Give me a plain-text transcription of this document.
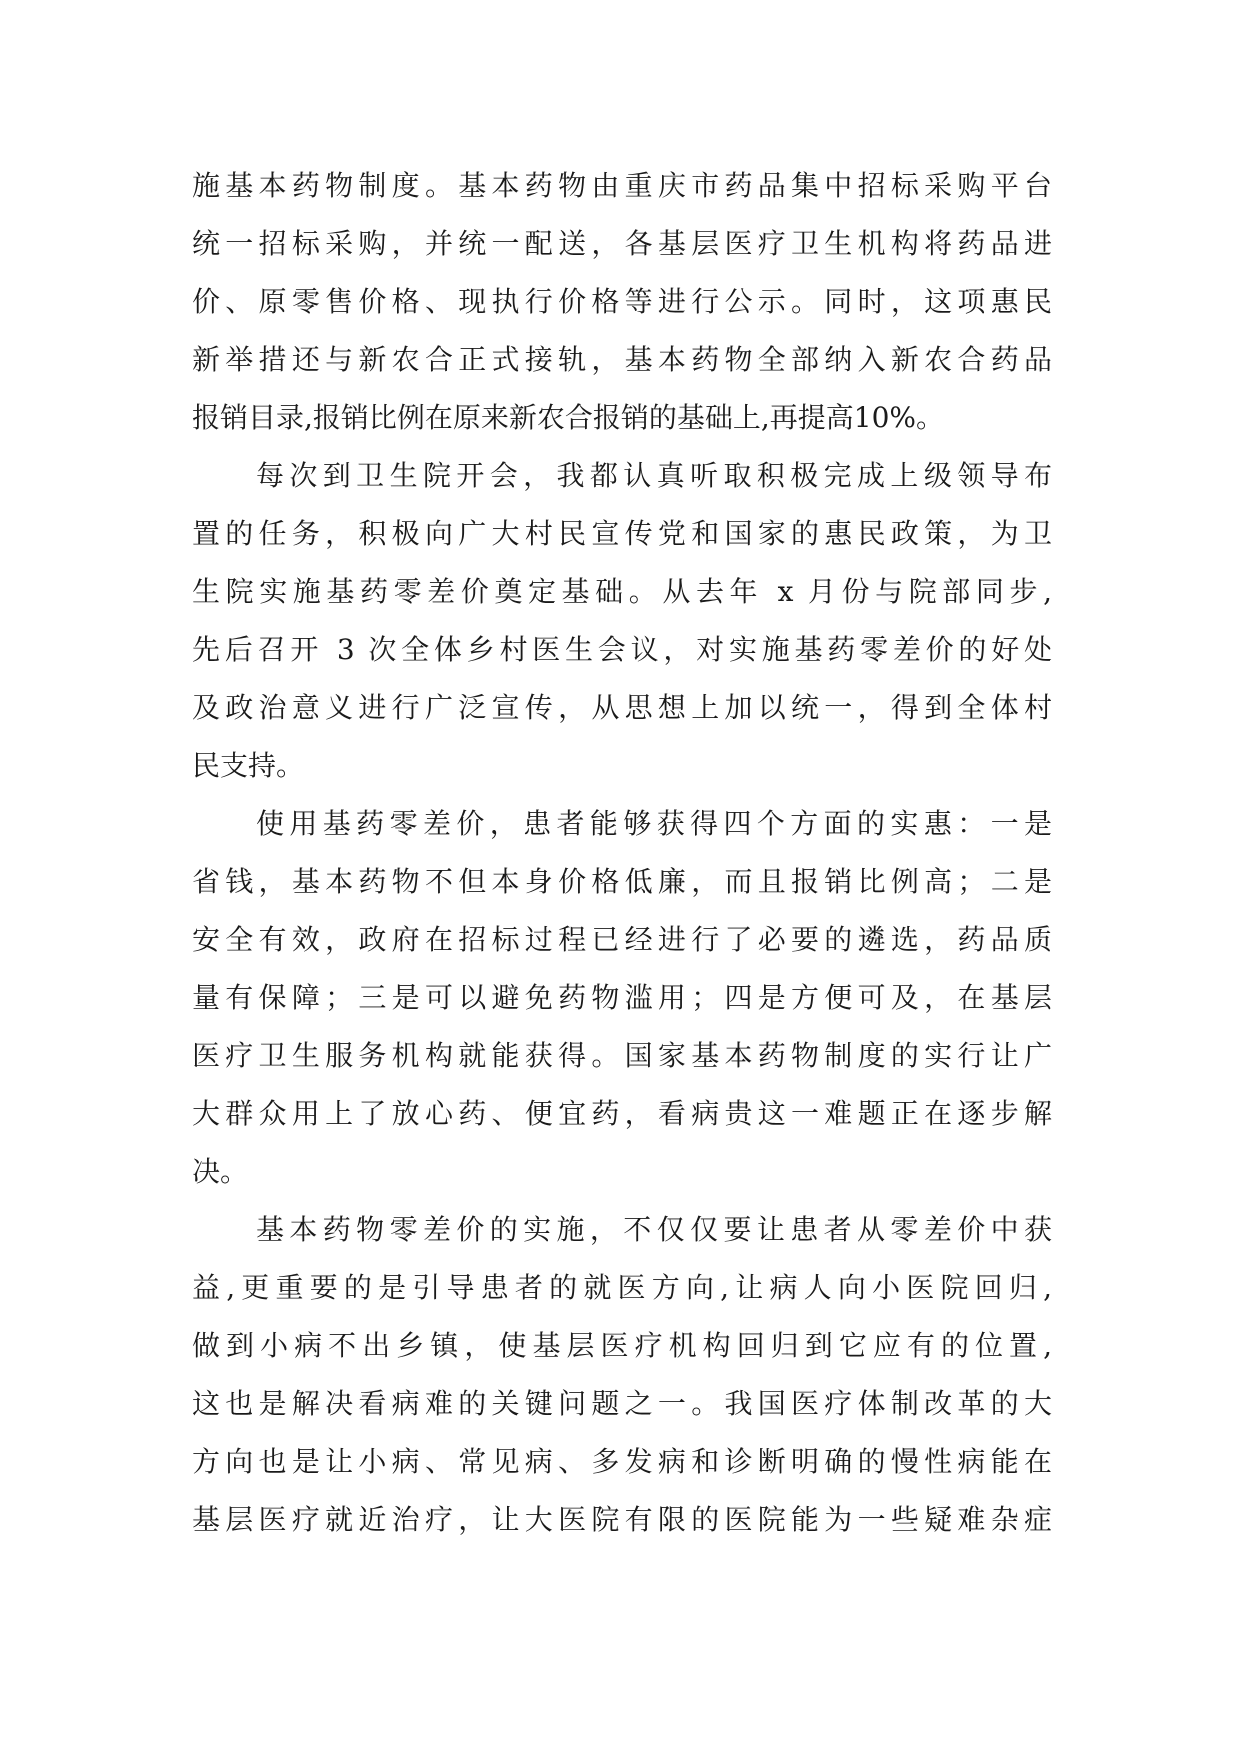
施基本药物制度。基本药物由重庆市药品集中招标采购平台
统一招标采购，并统一配送，各基层医疗卫生机构将药品进
价、原零售价格、现执行价格等进行公示。同时，这项惠民
新举措还与新农合正式接轨，基本药物全部纳入新农合药品
报销目录,报销比例在原来新农合报销的基础上,再提高10%。
每次到卫生院开会，我都认真听取积极完成上级领导布
置的任务，积极向广大村民宣传党和国家的惠民政策，为卫
生院实施基药零差价奠定基础。从去年 x 月份与院部同步,
先后召开 3 次全体乡村医生会议，对实施基药零差价的好处
及政治意义进行广泛宣传，从思想上加以统一，得到全体村
民支持。
使用基药零差价，患者能够获得四个方面的实惠：一是
省钱，基本药物不但本身价格低廉，而且报销比例高；二是
安全有效，政府在招标过程已经进行了必要的遴选，药品质
量有保障；三是可以避免药物滥用；四是方便可及，在基层
医疗卫生服务机构就能获得。国家基本药物制度的实行让广
大群众用上了放心药、便宜药，看病贵这一难题正在逐步解
决。
基本药物零差价的实施，不仅仅要让患者从零差价中获
益,更重要的是引导患者的就医方向,让病人向小医院回归,
做到小病不出乡镇，使基层医疗机构回归到它应有的位置,
这也是解决看病难的关键问题之一。我国医疗体制改革的大
方向也是让小病、常见病、多发病和诊断明确的慢性病能在
基层医疗就近治疗，让大医院有限的医院能为一些疑难杂症
